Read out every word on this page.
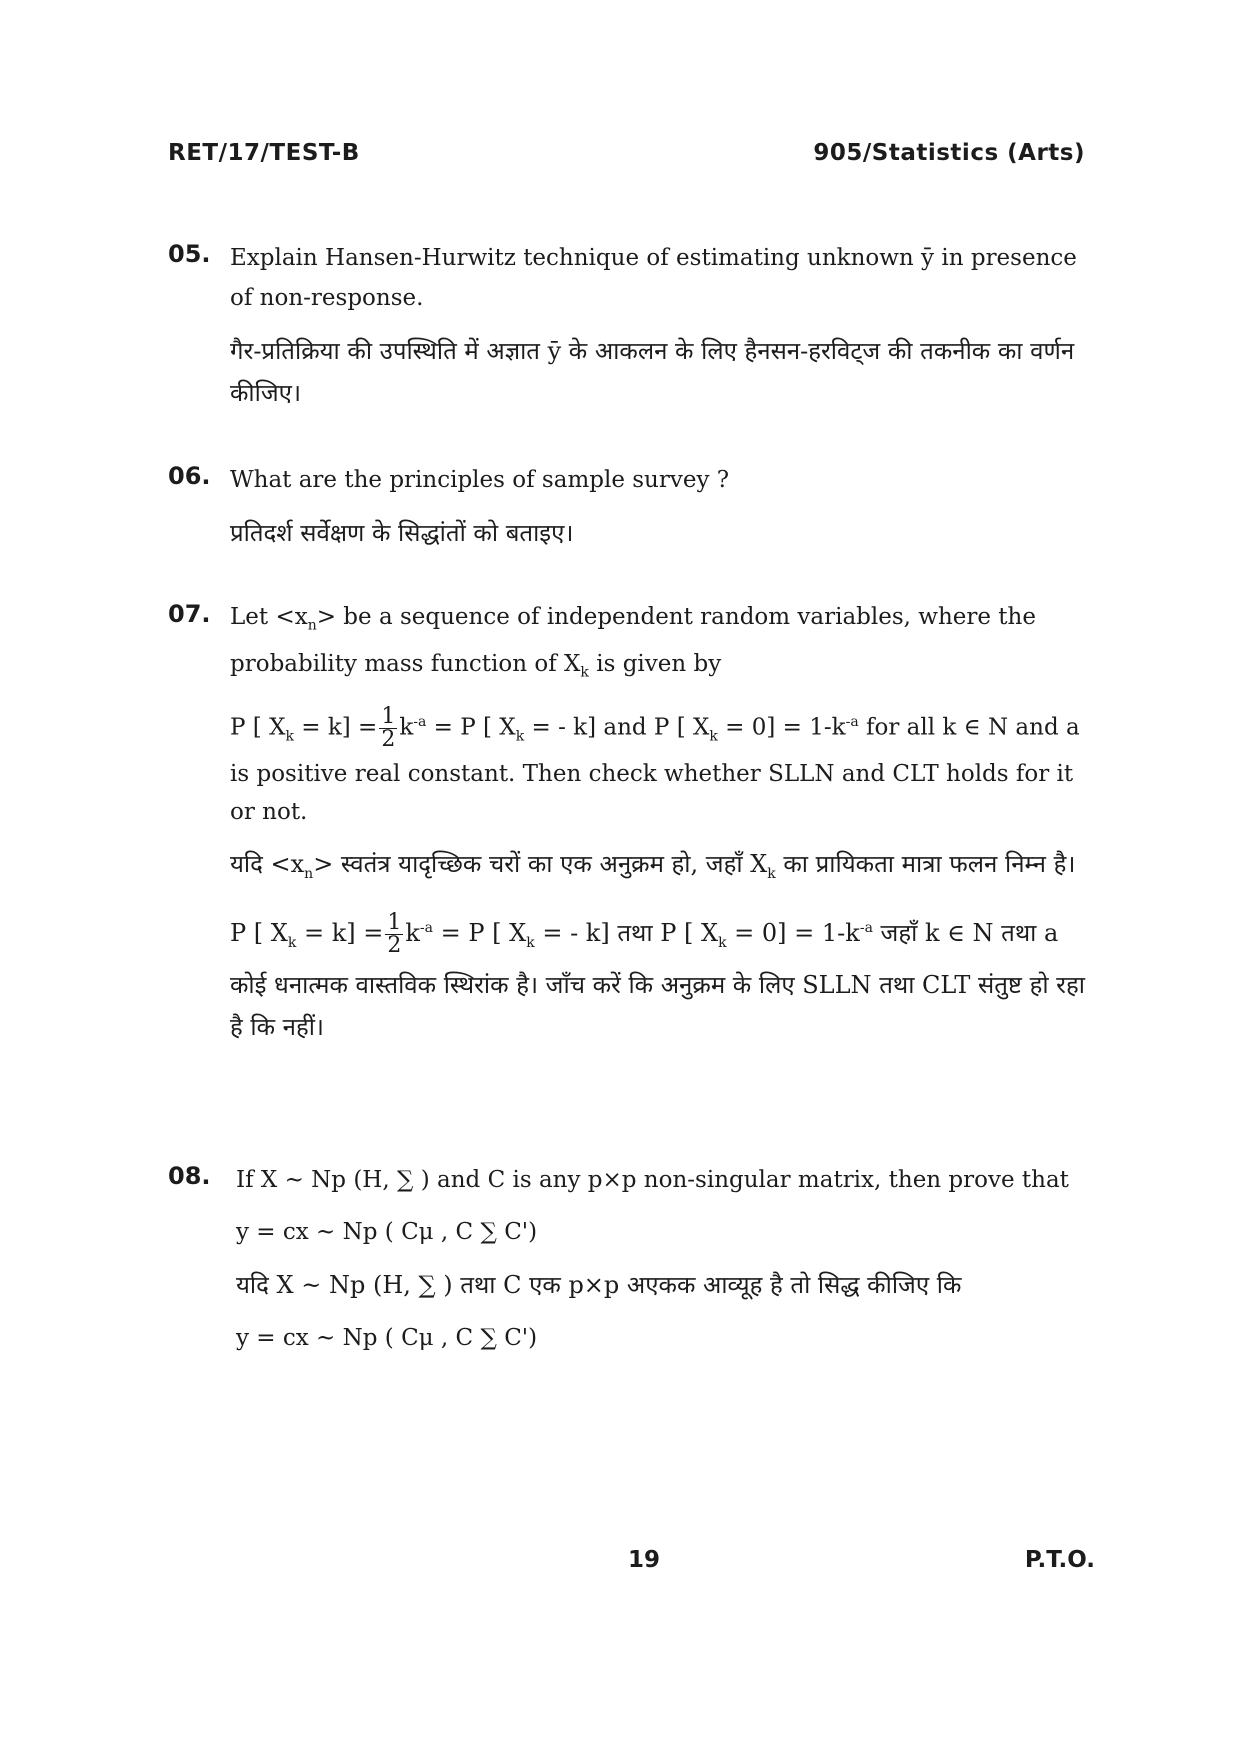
RET/17/TEST-B	905/Statistics (Arts)
05. Explain Hansen-Hurwitz technique of estimating unknown ȳ in presence of non-response.

गैर-प्रतिक्रिया की उपस्थिति में अज्ञात ȳ के आकलन के लिए हैनसन-हरविट्ज की तकनीक का वर्णन कीजिए।

06. What are the principles of sample survey ?

प्रतिदर्श सर्वेक्षण के सिद्धांतों को बताइए।

Let $<x_n>$ be a sequence of independent random variables, where the probability mass function of $X_k$ is given by

P [ $X_k = k] = \frac{1}{2} k^{-a} = P$ [ $X_k$ = - k] and P [ $X_k = 0] = 1-k^{-a}$ for all k ∈ N and a is positive real constant. Then check whether SLLN and CLT holds for it or not.

यदि $<x_n>$ स्वतंत्र यादृच्छिक चरों का एक अनुक्रम हो, जहाँ $X_k$ का प्रायिकता मात्रा फलन निम्न है।

P [ $X_k = k] = \frac{1}{2} k^{-a} = P$ [ $X_k$ = - k] तथा P [ $X_k = 0] = 1-k^{-a}$ जहाँ k ∈ N तथा a कोई धनात्मक वास्तविक स्थिरांक है। जाँच करें कि अनुक्रम के लिए SLLN तथा CLT संतुष्ट हो रहा है कि नहीं।

07.
08. If X ~ Np (H, ∑ ) and C is any p×p non-singular matrix, then prove that

y = cx ~ Np ( Cμ , C ∑ C')

यदि X ~ Np (H, ∑ ) तथा C एक p×p अएकक आव्यूह है तो सिद्ध कीजिए कि

y = cx ~ Np ( Cμ , C ∑ C')

19	P.T.O.
